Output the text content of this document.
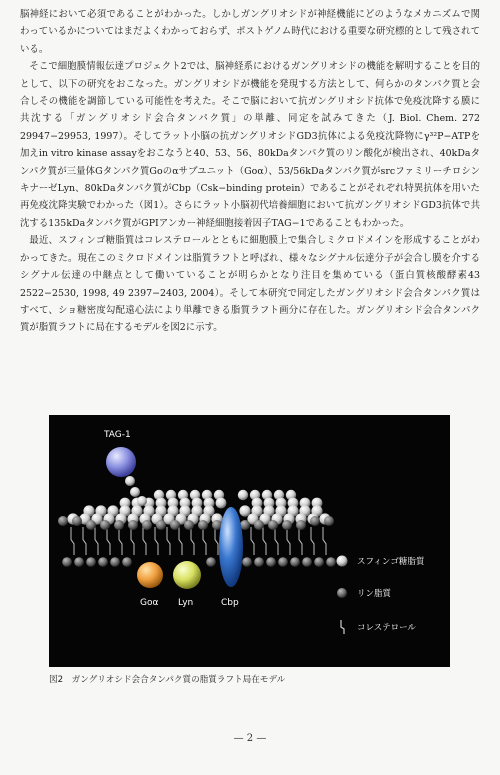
脳神経において必須であることがわかった。しかしガングリオシドが神経機能にどのようなメカニズムで関わっているかについてはまだよくわかっておらず、ポストゲノム時代における重要な研究標的として残されている。

そこで細胞膜情報伝達プロジェクト2では、脳神経系におけるガングリオシドの機能を解明することを目的として、以下の研究をおこなった。ガングリオシドが機能を発現する方法として、何らかのタンパク質と会合しその機能を調節している可能性を考えた。そこで脳において抗ガングリオシド抗体で免疫沈降する膜に共沈する「ガングリオシド会合タンパク質」の単離、同定を試みてきた（J. Biol. Chem. 272 29947−29953, 1997）。そしてラット小脳の抗ガングリオシドGD3抗体による免疫沈降物にγ³²P−ATPを加えin vitro kinase assayをおこなうと40、53、56、80kDaタンパク質のリン酸化が検出され、40kDaタンパク質が三量体Gタンパク質Goのαサブユニット（Goα）、53/56kDaタンパク質がsrcファミリーチロシンキナーゼLyn、80kDaタンパク質がCbp（Csk−binding protein）であることがそれぞれ特異抗体を用いた再免疫沈降実験でわかった（図1）。さらにラット小脳初代培養細胞において抗ガングリオシドGD3抗体で共沈する135kDaタンパク質がGPIアンカー神経細胞接着因子TAG−1であることもわかった。

最近、スフィンゴ糖脂質はコレステロールとともに細胞膜上で集合しミクロドメインを形成することがわかってきた。現在このミクロドメインは脂質ラフトと呼ばれ、様々なシグナル伝達分子が会合し膜を介するシグナル伝達の中継点として働いていることが明らかとなり注目を集めている（蛋白質核酸酵素43 2522−2530, 1998, 49 2397−2403, 2004）。そして本研究で同定したガングリオシド会合タンパク質はすべて、ショ糖密度勾配遠心法により単離できる脂質ラフト画分に存在した。ガングリオシド会合タンパク質が脂質ラフトに局在するモデルを図2に示す。

TAG-1
Goα Lyn	Cbp
スフィンゴ糖脂質
リン脂質
コレステロール
図2　ガングリオシド会合タンパク質の脂質ラフト局在モデル
— 2 —
